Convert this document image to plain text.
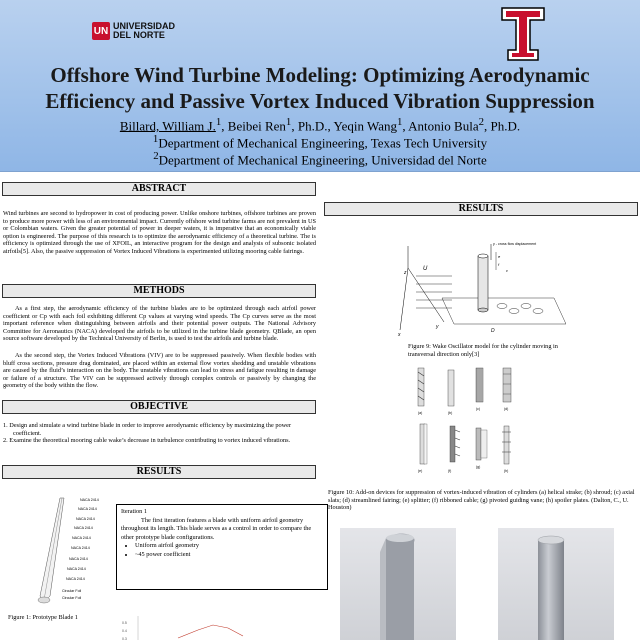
UN UNIVERSIDAD
DEL NORTE
Offshore Wind Turbine Modeling: Optimizing Aerodynamic
Efficiency and Passive Vortex Induced Vibration Suppression
Billard, William J.$^1$, Beibei Ren$^1$, Ph.D., Yeqin Wang$^1$, Antonio Bula$^2$, Ph.D.
$^1$Department of Mechanical Engineering, Texas Tech University
$^2$Department of Mechanical Engineering, Universidad del Norte
ABSTRACT
Wind turbines are second to hydropower in cost of producing power. Unlike onshore turbines, offshore turbines are proven to produce more power with less of an environmental impact. Currently offshore wind turbine farms are not prevalent in US or Colombian waters. Given the greater potential of power in deeper waters, it is imperative that an economically viable option is engineered. The purpose of this research is to optimize the aerodynamic efficiency of a theoretical turbine. The is efficiency is optimized through the use of XFOIL, an interactive program for the design and analysis of subsonic isolated airfoils[5]. Also, the passive suppression of Vortex Induced Vibrations is experimented utilizing mooring cable fairings.
METHODS
As a first step, the aerodynamic efficiency of the turbine blades are to be optimized through each airfoil power coefficient or Cp with each foil exhibiting different Cp values at varying wind speeds. The Cp curves serve as the most important reference when distinguishing between airfoils and their potential power outputs. The National Advisory Committee for Aeronautics (NACA) developed the airfoils to be utilized in the turbine blade geometry. QBlade, an open source software developed by the Technical University of Berlin, is used to test the airfoils and turbine blade.
As the second step, the Vortex Induced Vibrations (VIV) are to be suppressed passively. When flexible bodies with bluff cross sections, pressure drag dominated, are placed within an external flow vortex shedding and unstable vibrations are caused by the fluid’s interaction on the body. The unstable vibrations can lead to stress and fatigue resulting in damage or failure of a structure. The VIV can be suppressed actively through complex controls or passively by changing the geometry of the body within the flow.
OBJECTIVE
1. Design and simulate a wind turbine blade in order to improve aerodynamic efficiency by maximizing the power coefficient.
2. Examine the theoretical mooring cable wake’s decrease in turbulence contributing to vortex induced vibrations.
RESULTS
NACA 2414
NACA 2414
NACA 2414
NACA 2414
NACA 2414
NACA 2414
NACA 2414
NACA 2414
NACA 2414
Circular Foil
Circular Foil
Figure 1: Prototype Blade 1
Iteration 1
The first iteration features a blade with uniform airfoil geometry throughout its length. This blade serves as a control in order to compare the other prototype blade configurations.
• Uniform airfoil geometry
• ~45 power coefficient
0.5
0.4
0.3
RESULTS
z
x
y
U
y - cross flow displacement
e
f
c
D
Figure 9: Wake Oscillator model for the cylinder moving in transversal direction only[3]
(a)	(b)
(c)	(d)
(e)	(f)
(g)
(h)
Figure 10: Add-on devices for suppression of vortex-induced vibration of cylinders (a) helical strake; (b) shroud; (c) axial slats; (d) streamlined fairing; (e) splitter; (f) ribboned cable; (g) pivoted guiding vane; (h) spoiler plates. (Dalton, C., U. Houston)
